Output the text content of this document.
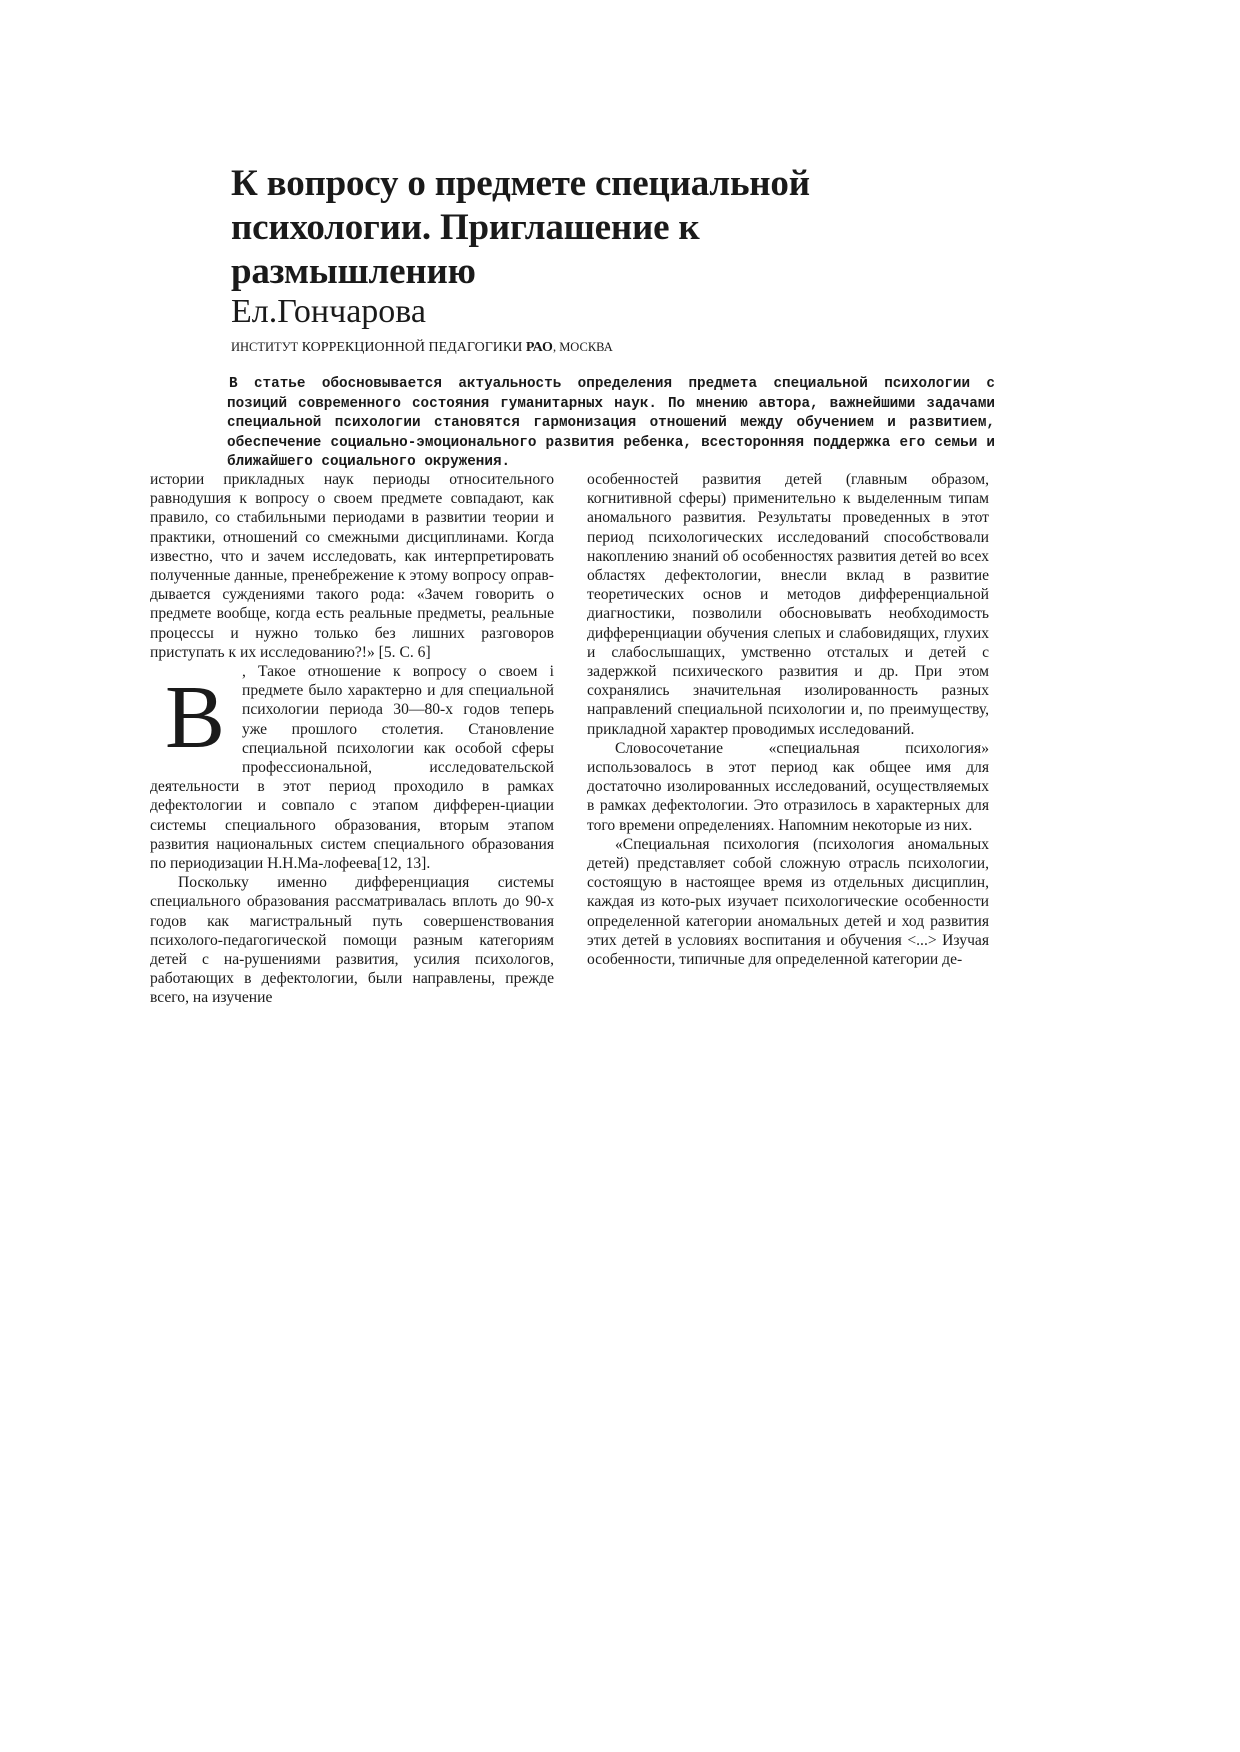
К вопросу о предмете специальной психологии. Приглашение к размышлению
Ел.Гончарова
ИНСТИТУТ КОРРЕКЦИОННОЙ ПЕДАГОГИКИ РАО, МОСКВА

В статье обосновывается актуальность определения предмета специальной психологии с позиций современного состояния гуманитарных наук. По мнению автора, важнейшими задачами специальной психологии становятся гармонизация отношений между обучением и развитием, обеспечение социально-эмоционального развития ребенка, всесторонняя поддержка его семьи и ближайшего социального окружения.

истории прикладных наук периоды относительного равнодушия к вопросу о своем предмете совпадают, как правило, со стабильными периодами в развитии теории и практики, отношений со смежными дисциплинами. Когда известно, что и зачем исследовать, как интерпретировать полученные данные, пренебрежение к этому вопросу оправ-дывается суждениями такого рода: «Зачем говорить о предмете вообще, когда есть реальные предметы, реальные процессы и нужно только без лишних разговоров приступать к их исследованию?!» [5. С. 6]

В	, Такое отношение к вопросу о своем і предмете было характерно и для специальной психологии периода 30—80-х годов теперь уже прошлого столетия. Становление специальной психологии как особой сферы профессиональной, исследовательской деятельности в этот период проходило в рамках дефектологии и совпало с этапом дифферен-циации системы специального образования, вторым этапом развития национальных систем специального образования по периодизации Н.Н.Ма-лофеева[12, 13].

Поскольку именно дифференциация системы специального образования рассматривалась вплоть до 90-х годов как магистральный путь совершенствования психолого-педагогической помощи разным категориям детей с на-рушениями развития, усилия психологов, работающих в дефектологии, были направлены, прежде всего, на изучение

особенностей развития детей (главным образом, когнитивной сферы) применительно к выделенным типам аномального развития. Результаты проведенных в этот период психологических исследований способствовали накоплению знаний об особенностях развития детей во всех областях дефектологии, внесли вклад в развитие теоретических основ и методов дифференциальной диагностики, позволили обосновывать необходимость дифференциации обучения слепых и слабовидящих, глухих и слабослышащих, умственно отсталых и детей с задержкой психического развития и др. При этом сохранялись значительная изолированность разных направлений специальной психологии и, по преимуществу, прикладной характер проводимых исследований.

Словосочетание «специальная психология» использовалось в этот период как общее имя для достаточно изолированных исследований, осуществляемых в рамках дефектологии. Это отразилось в характерных для того времени определениях. Напомним некоторые из них.

«Специальная психология (психология аномальных детей) представляет собой сложную отрасль психологии, состоящую в настоящее время из отдельных дисциплин, каждая из кото-рых изучает психологические особенности определенной категории аномальных детей и ход развития этих детей в условиях воспитания и обучения <...> Изучая особенности, типичные для определенной категории де-
